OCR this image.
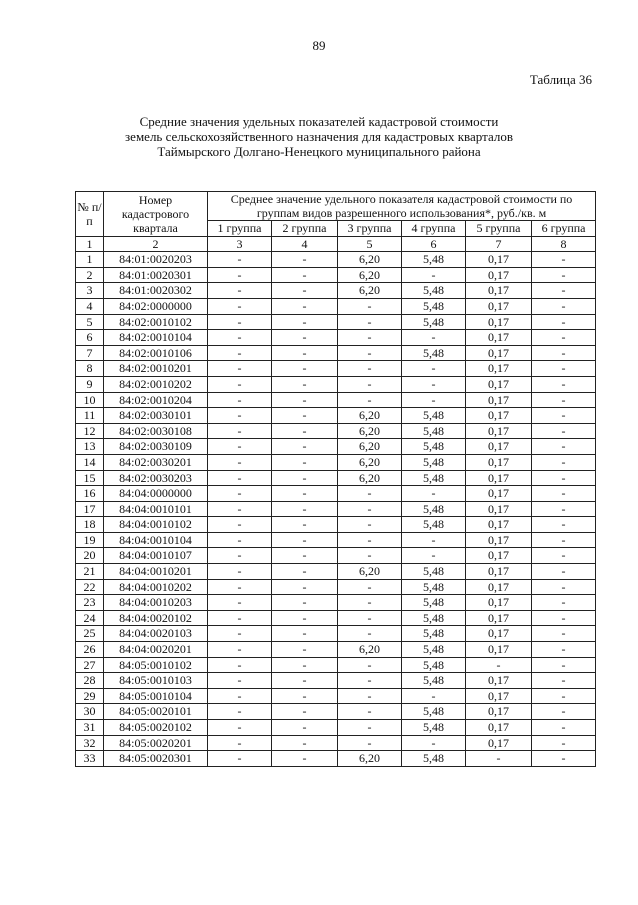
89
Таблица 36
Средние значения удельных показателей кадастровой стоимости
земель сельскохозяйственного назначения для кадастровых кварталов
Таймырского Долгано-Ненецкого муниципального района
№ п/п	Номер кадастрового квартала	Среднее значение удельного показателя кадастровой стоимости по группам видов разрешенного использования*, руб./кв. м					
		1 группа	2 группа	3 группа	4 группа	5 группа	6 группа
1	2	3	4	5	6	7	8
1	84:01:0020203	-	-	6,20	5,48	0,17	-
2	84:01:0020301	-	-	6,20	-	0,17	-
3	84:01:0020302	-	-	6,20	5,48	0,17	-
4	84:02:0000000	-	-	-	5,48	0,17	-
5	84:02:0010102	-	-	-	5,48	0,17	-
6	84:02:0010104	-	-	-	-	0,17	-
7	84:02:0010106	-	-	-	5,48	0,17	-
8	84:02:0010201	-	-	-	-	0,17	-
9	84:02:0010202	-	-	-	-	0,17	-
10	84:02:0010204	-	-	-	-	0,17	-
11	84:02:0030101	-	-	6,20	5,48	0,17	-
12	84:02:0030108	-	-	6,20	5,48	0,17	-
13	84:02:0030109	-	-	6,20	5,48	0,17	-
14	84:02:0030201	-	-	6,20	5,48	0,17	-
15	84:02:0030203	-	-	6,20	5,48	0,17	-
16	84:04:0000000	-	-	-	-	0,17	-
17	84:04:0010101	-	-	-	5,48	0,17	-
18	84:04:0010102	-	-	-	5,48	0,17	-
19	84:04:0010104	-	-	-	-	0,17	-
20	84:04:0010107	-	-	-	-	0,17	-
21	84:04:0010201	-	-	6,20	5,48	0,17	-
22	84:04:0010202	-	-	-	5,48	0,17	-
23	84:04:0010203	-	-	-	5,48	0,17	-
24	84:04:0020102	-	-	-	5,48	0,17	-
25	84:04:0020103	-	-	-	5,48	0,17	-
26	84:04:0020201	-	-	6,20	5,48	0,17	-
27	84:05:0010102	-	-	-	5,48	-	-
28	84:05:0010103	-	-	-	5,48	0,17	-
29	84:05:0010104	-	-	-	-	0,17	-
30	84:05:0020101	-	-	-	5,48	0,17	-
31	84:05:0020102	-	-	-	5,48	0,17	-
32	84:05:0020201	-	-	-	-	0,17	-
33	84:05:0020301	-	-	6,20	5,48	-	-
